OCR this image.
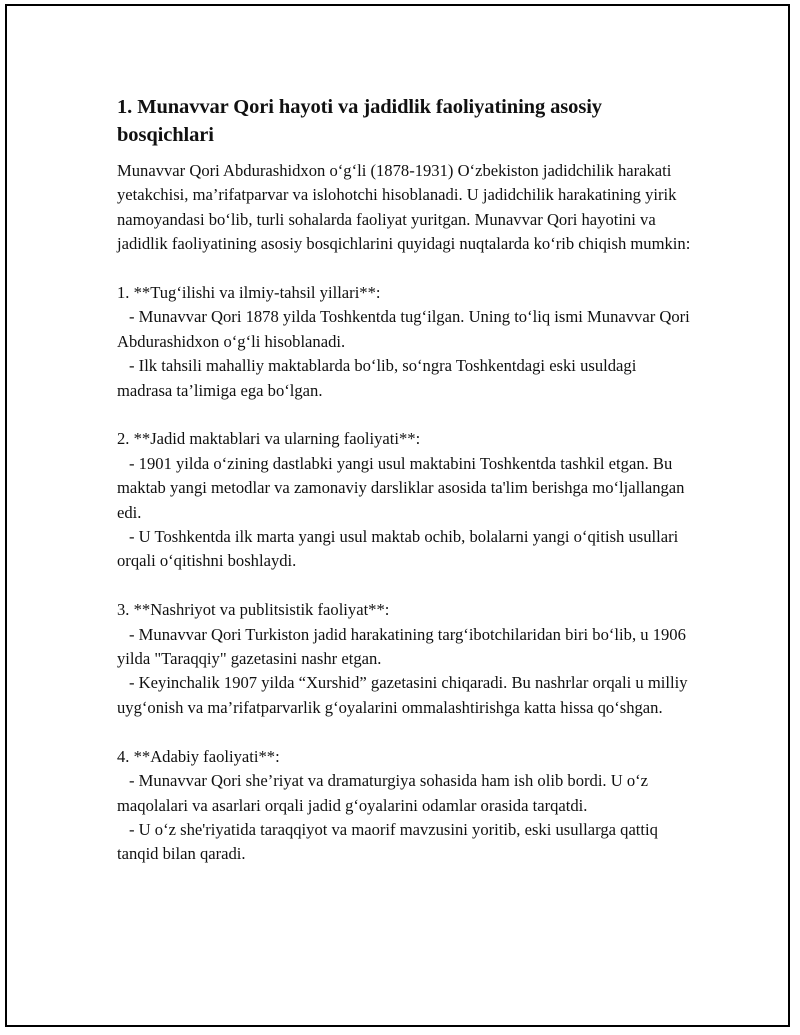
1. Munavvar Qori hayoti va jadidlik faoliyatining asosiy bosqichlari

Munavvar Qori Abdurashidxon o‘g‘li (1878-1931) O‘zbekiston jadidchilik harakati yetakchisi, ma’rifatparvar va islohotchi hisoblanadi. U jadidchilik harakatining yirik namoyandasi bo‘lib, turli sohalarda faoliyat yuritgan. Munavvar Qori hayotini va jadidlik faoliyatining asosiy bosqichlarini quyidagi nuqtalarda ko‘rib chiqish mumkin:

1. **Tug‘ilishi va ilmiy-tahsil yillari**:

- Munavvar Qori 1878 yilda Toshkentda tug‘ilgan. Uning to‘liq ismi Munavvar Qori Abdurashidxon o‘g‘li hisoblanadi.

- Ilk tahsili mahalliy maktablarda bo‘lib, so‘ngra Toshkentdagi eski usuldagi madrasa ta’limiga ega bo‘lgan.

2. **Jadid maktablari va ularning faoliyati**:

- 1901 yilda o‘zining dastlabki yangi usul maktabini Toshkentda tashkil etgan. Bu maktab yangi metodlar va zamonaviy darsliklar asosida ta'lim berishga mo‘ljallangan edi.

- U Toshkentda ilk marta yangi usul maktab ochib, bolalarni yangi o‘qitish usullari orqali o‘qitishni boshlaydi.

3. **Nashriyot va publitsistik faoliyat**:

- Munavvar Qori Turkiston jadid harakatining targ‘ibotchilaridan biri bo‘lib, u 1906 yilda "Taraqqiy" gazetasini nashr etgan.

- Keyinchalik 1907 yilda “Xurshid” gazetasini chiqaradi. Bu nashrlar orqali u milliy uyg‘onish va ma’rifatparvarlik g‘oyalarini ommalashtirishga katta hissa qo‘shgan.

4. **Adabiy faoliyati**:

- Munavvar Qori she’riyat va dramaturgiya sohasida ham ish olib bordi. U o‘z maqolalari va asarlari orqali jadid g‘oyalarini odamlar orasida tarqatdi.

- U o‘z she'riyatida taraqqiyot va maorif mavzusini yoritib, eski usullarga qattiq tanqid bilan qaradi.
